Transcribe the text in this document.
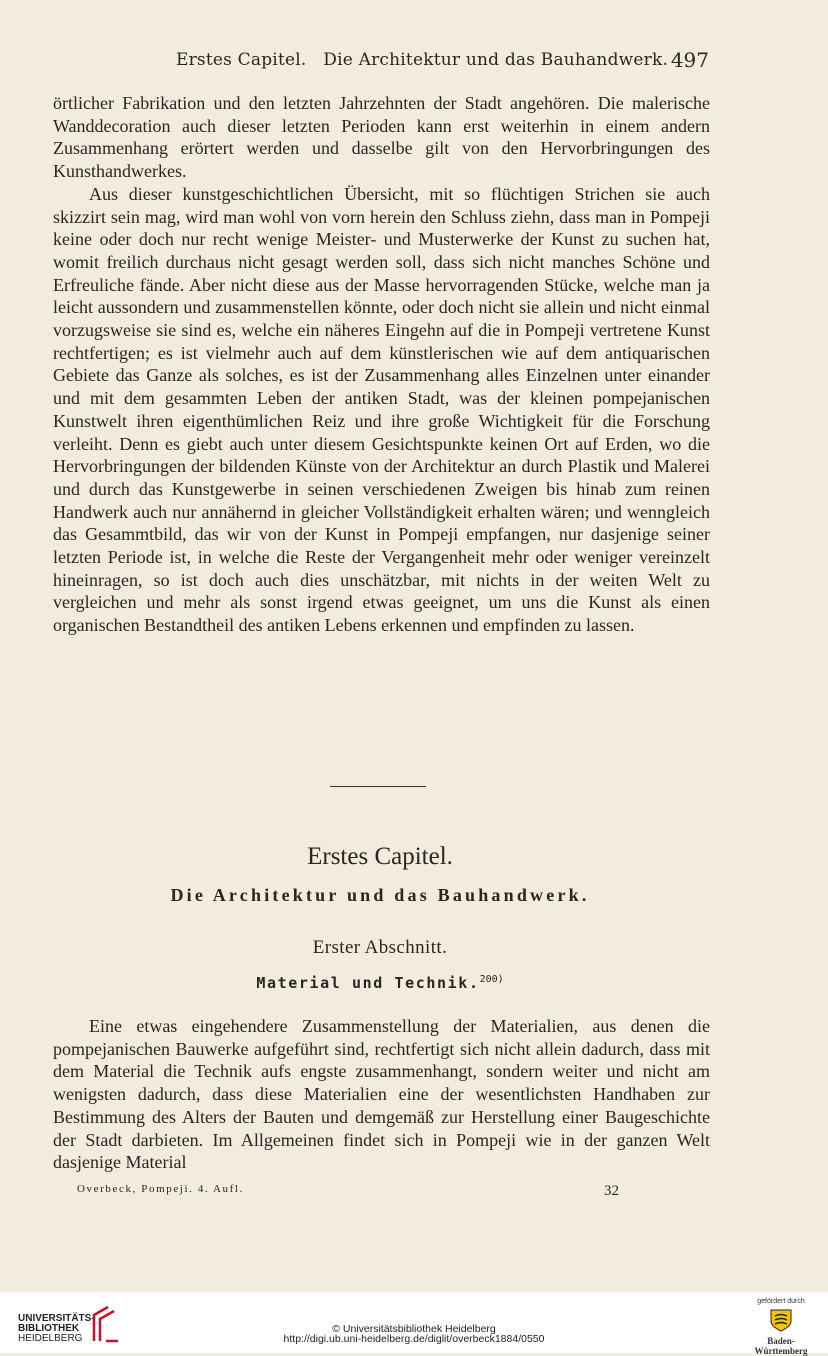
Erstes Capitel.   Die Architektur und das Bauhandwerk. 497

örtlicher Fabrikation und den letzten Jahrzehnten der Stadt angehören. Die malerische Wanddecoration auch dieser letzten Perioden kann erst weiterhin in einem andern Zusammenhang erörtert werden und dasselbe gilt von den Hervorbringungen des Kunsthandwerkes.

Aus dieser kunstgeschichtlichen Übersicht, mit so flüchtigen Strichen sie auch skizzirt sein mag, wird man wohl von vorn herein den Schluss ziehn, dass man in Pompeji keine oder doch nur recht wenige Meister- und Musterwerke der Kunst zu suchen hat, womit freilich durchaus nicht gesagt werden soll, dass sich nicht manches Schöne und Erfreuliche fände. Aber nicht diese aus der Masse hervorragenden Stücke, welche man ja leicht aussondern und zusammenstellen könnte, oder doch nicht sie allein und nicht einmal vorzugsweise sie sind es, welche ein näheres Eingehn auf die in Pompeji vertretene Kunst rechtfertigen; es ist vielmehr auch auf dem künstlerischen wie auf dem antiquarischen Gebiete das Ganze als solches, es ist der Zusammenhang alles Einzelnen unter einander und mit dem gesammten Leben der antiken Stadt, was der kleinen pompejanischen Kunstwelt ihren eigenthümlichen Reiz und ihre große Wichtigkeit für die Forschung verleiht. Denn es giebt auch unter diesem Gesichtspunkte keinen Ort auf Erden, wo die Hervorbringungen der bildenden Künste von der Architektur an durch Plastik und Malerei und durch das Kunstgewerbe in seinen verschiedenen Zweigen bis hinab zum reinen Handwerk auch nur annähernd in gleicher Vollständigkeit erhalten wären; und wenngleich das Gesammtbild, das wir von der Kunst in Pompeji empfangen, nur dasjenige seiner letzten Periode ist, in welche die Reste der Vergangenheit mehr oder weniger vereinzelt hineinragen, so ist doch auch dies unschätzbar, mit nichts in der weiten Welt zu vergleichen und mehr als sonst irgend etwas geeignet, um uns die Kunst als einen organischen Bestandtheil des antiken Lebens erkennen und empfinden zu lassen.

Erstes Capitel.
Die Architektur und das Bauhandwerk.
Erster Abschnitt.
Material und Technik.$^{200)}$

Eine etwas eingehendere Zusammenstellung der Materialien, aus denen die pompejanischen Bauwerke aufgeführt sind, rechtfertigt sich nicht allein dadurch, dass mit dem Material die Technik aufs engste zusammenhangt, sondern weiter und nicht am wenigsten dadurch, dass diese Materialien eine der wesentlichsten Handhaben zur Bestimmung des Alters der Bauten und demgemäß zur Herstellung einer Baugeschichte der Stadt darbieten. Im Allgemeinen findet sich in Pompeji wie in der ganzen Welt dasjenige Material

Overbeck, Pompeji. 4. Aufl.	32
UNIVERSITÄTS-
BIBLIOTHEK
HEIDELBERG
© Universitätsbibliothek Heidelberg
http://digi.ub.uni-heidelberg.de/diglit/overbeck1884/0550
gefördert durch
Baden-Württemberg
